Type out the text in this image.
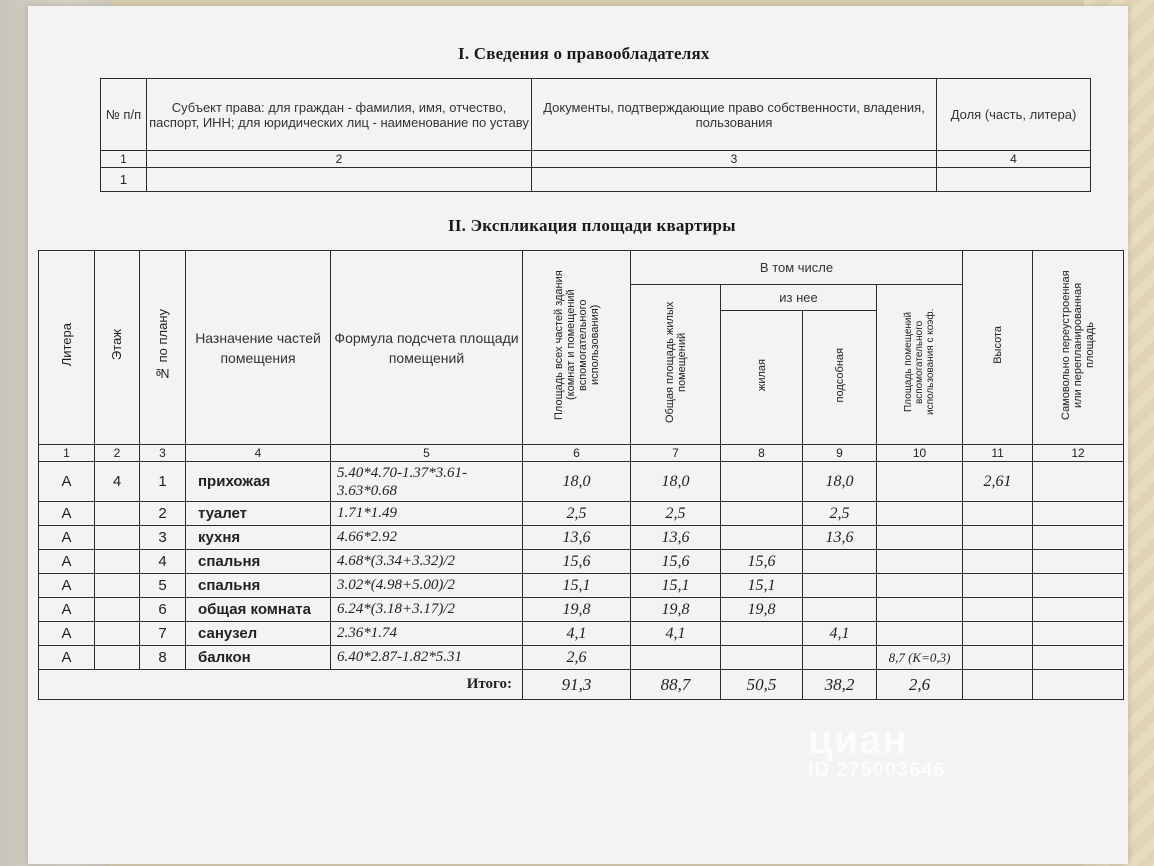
I. Сведения о правообладателях
№ п/п	Субъект права: для граждан - фамилия, имя, отчество, паспорт, ИНН; для юридических лиц - наименование по уставу	Документы, подтверждающие право собственности, владения, пользования	Доля (часть, литера)
1	2	3	4
1			
II. Экспликация площади квартиры
Литера	Этаж	№ по плану	Назначение частей помещения	Формула подсчета площади помещений	Площадь всех частей здания (комнат и помещений вспомогательного использования)	В том числе				Высота	Самовольно переустроенная или перепланированная площадь
						Общая площадь жилых помещений	из нее		Площадь помещений вспомогательного использования с коэф.		
							жилая	подсобная			
1	2	3	4	5	6	7	8	9	10	11	12
А	4	1	прихожая	5.40*4.70-1.37*3.61-3.63*0.68	18,0	18,0		18,0		2,61	
А		2	туалет	1.71*1.49	2,5	2,5		2,5			
А		3	кухня	4.66*2.92	13,6	13,6		13,6			
А		4	спальня	4.68*(3.34+3.32)/2	15,6	15,6	15,6				
А		5	спальня	3.02*(4.98+5.00)/2	15,1	15,1	15,1				
А		6	общая комната	6.24*(3.18+3.17)/2	19,8	19,8	19,8				
А		7	санузел	2.36*1.74	4,1	4,1		4,1			
А		8	балкон	6.40*2.87-1.82*5.31	2,6				8,7 (K=0,3)		
Итого:					91,3	88,7	50,5	38,2	2,6		
циан
ID 275003646
